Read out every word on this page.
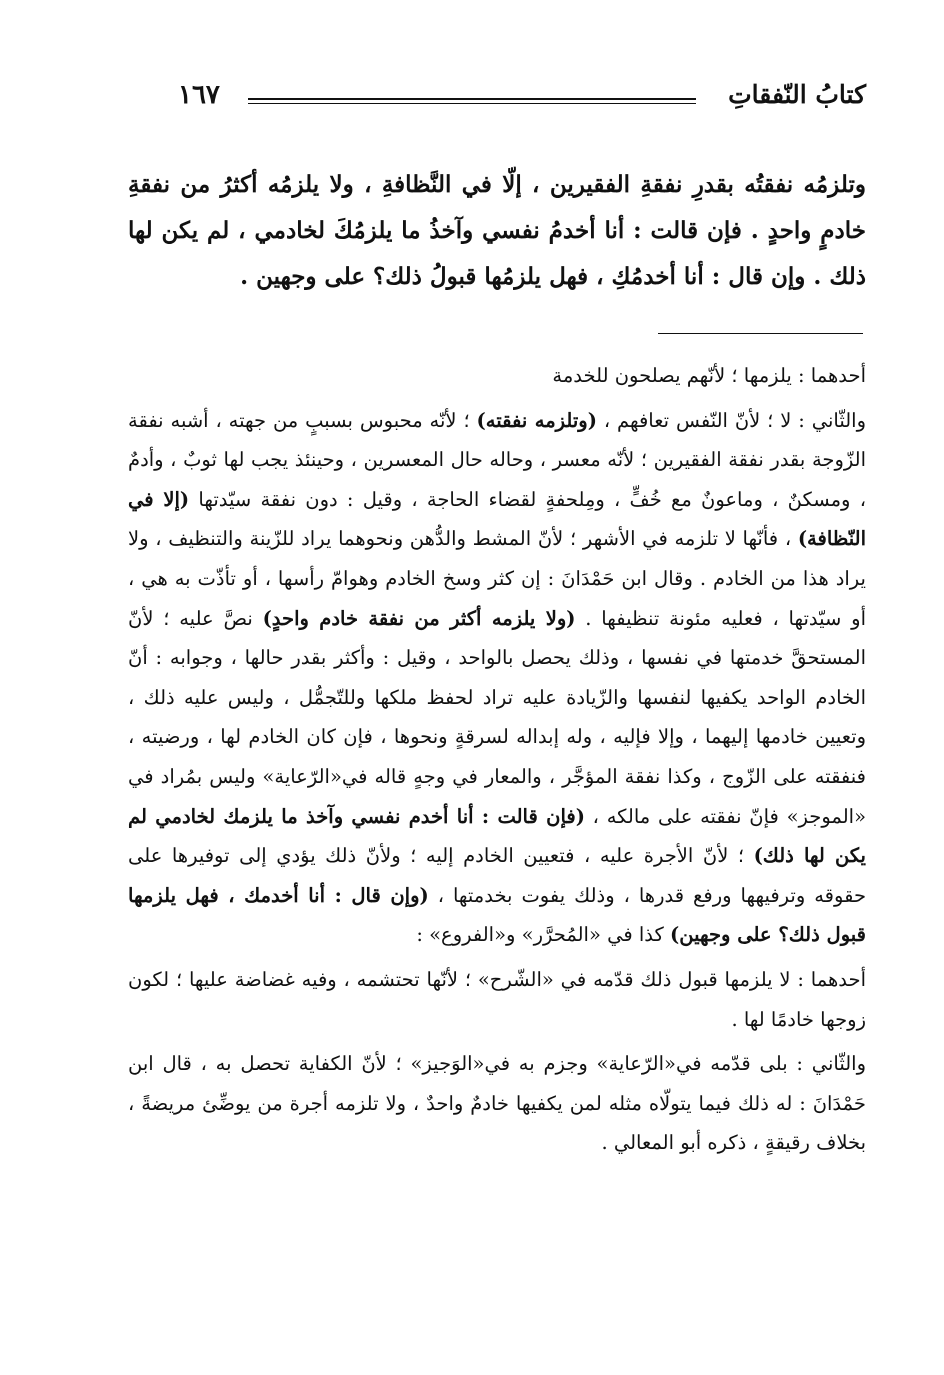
كتابُ النّفقاتِ
١٦٧
وتلزمُه نفقتُه بقدرِ نفقةِ الفقيرين ، إلّا في النَّظافةِ ، ولا يلزمُه أكثرُ من نفقةِ خادمٍ واحدٍ . فإن قالت : أنا أخدمُ نفسي وآخذُ ما يلزمُكَ لخادمي ، لم يكن لها ذلك . وإن قال : أنا أخدمُكِ ، فهل يلزمُها قبولُ ذلك؟ على وجهين .

أحدهما : يلزمها ؛ لأنّهم يصلحون للخدمة

والثّاني : لا ؛ لأنّ النّفس تعافهم ، (وتلزمه نفقته) ؛ لأنّه محبوس بسببٍ من جهته ، أشبه نفقة الزّوجة بقدر نفقة الفقيرين ؛ لأنّه معسر ، وحاله حال المعسرين ، وحينئذ يجب لها ثوبٌ ، وأدمٌ ، ومسكنٌ ، وماعونٌ مع خُفٍّ ، ومِلحفةٍ لقضاء الحاجة ، وقيل : دون نفقة سيّدتها (إلا في النّظافة) ، فأنّها لا تلزمه في الأشهر ؛ لأنّ المشط والدُّهن ونحوهما يراد للزّينة والتنظيف ، ولا يراد هذا من الخادم . وقال ابن حَمْدَانَ : إن كثر وسخ الخادم وهوامّ رأسها ، أو تأذّت به هي ، أو سيّدتها ، فعليه مئونة تنظيفها . (ولا يلزمه أكثر من نفقة خادم واحدٍ) نصَّ عليه ؛ لأنّ المستحقَّ خدمتها في نفسها ، وذلك يحصل بالواحد ، وقيل : وأكثر بقدر حالها ، وجوابه : أنّ الخادم الواحد يكفيها لنفسها والزّيادة عليه تراد لحفظ ملكها وللتّجمُّل ، وليس عليه ذلك ، وتعيين خادمها إليهما ، وإلا فإليه ، وله إبداله لسرقةٍ ونحوها ، فإن كان الخادم لها ، ورضيته ، فنفقته على الزّوج ، وكذا نفقة المؤجَّر ، والمعار في وجهٍ قاله في«الرّعاية» وليس بمُراد في «الموجز» فإنّ نفقته على مالكه ، (فإن قالت : أنا أخدم نفسي وآخذ ما يلزمك لخادمي لم يكن لها ذلك) ؛ لأنّ الأجرة عليه ، فتعيين الخادم إليه ؛ ولأنّ ذلك يؤدي إلى توفيرها على حقوقه وترفيهها ورفع قدرها ، وذلك يفوت بخدمتها ، (وإن قال : أنا أخدمك ، فهل يلزمها قبول ذلك؟ على وجهين) كذا في «المُحرَّر» و«الفروع» :

أحدهما : لا يلزمها قبول ذلك قدّمه في «الشّرح» ؛ لأنّها تحتشمه ، وفيه غضاضة عليها ؛ لكون زوجها خادمًا لها .

والثّاني : بلى قدّمه في«الرّعاية» وجزم به في«الوَجيز» ؛ لأنّ الكفاية تحصل به ، قال ابن حَمْدَانَ : له ذلك فيما يتولّاه مثله لمن يكفيها خادمٌ واحدٌ ، ولا تلزمه أجرة من يوضِّئ مريضةً ، بخلاف رقيقةٍ ، ذكره أبو المعالي .
